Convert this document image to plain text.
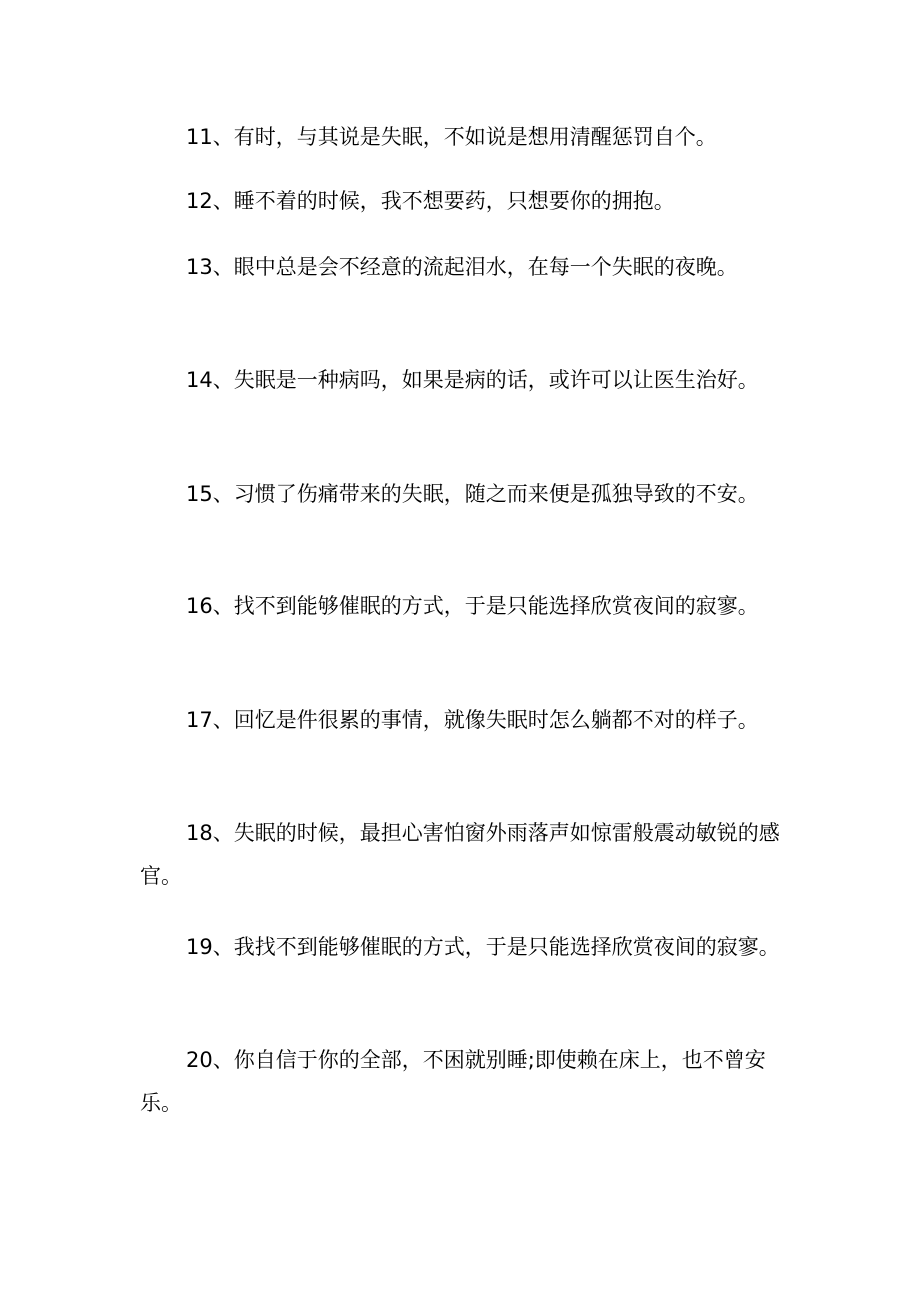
11、有时，与其说是失眠，不如说是想用清醒惩罚自个。

12、睡不着的时候，我不想要药，只想要你的拥抱。

13、眼中总是会不经意的流起泪水，在每一个失眠的夜晚。

14、失眠是一种病吗，如果是病的话，或许可以让医生治好。

15、习惯了伤痛带来的失眠，随之而来便是孤独导致的不安。

16、找不到能够催眠的方式，于是只能选择欣赏夜间的寂寥。

17、回忆是件很累的事情，就像失眠时怎么躺都不对的样子。

18、失眠的时候，最担心害怕窗外雨落声如惊雷般震动敏锐的感官。

19、我找不到能够催眠的方式，于是只能选择欣赏夜间的寂寥。

20、你自信于你的全部，不困就别睡;即使赖在床上，也不曾安乐。
